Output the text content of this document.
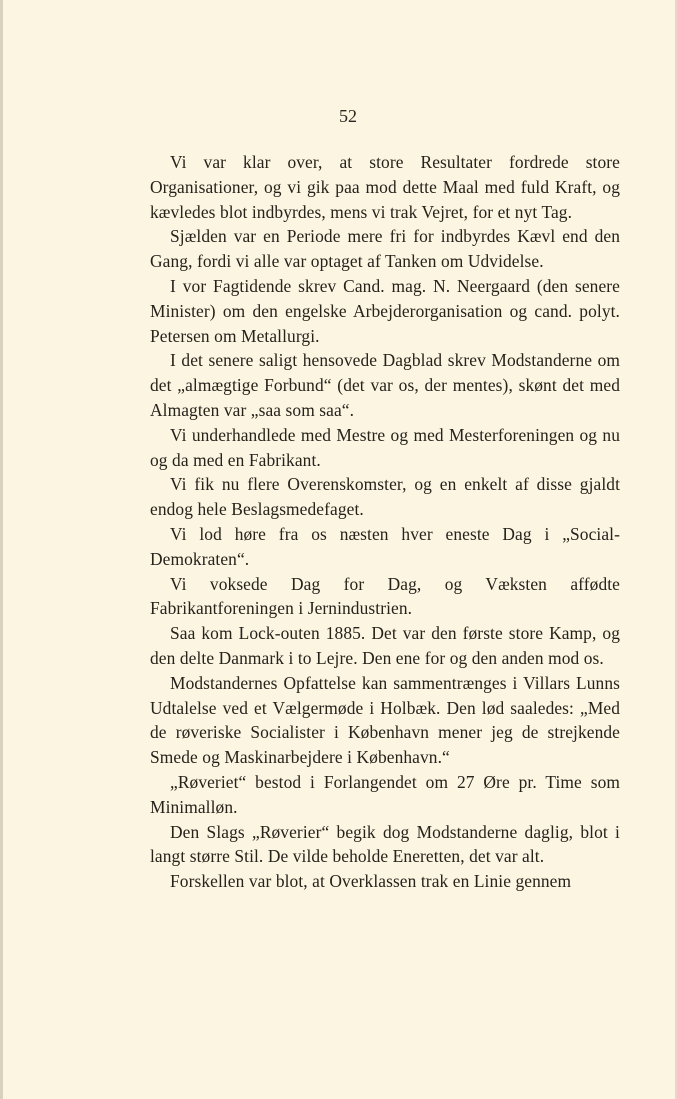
52

Vi var klar over, at store Resultater fordrede store Organisationer, og vi gik paa mod dette Maal med fuld Kraft, og kævledes blot indbyrdes, mens vi trak Vejret, for et nyt Tag.

Sjælden var en Periode mere fri for indbyrdes Kævl end den Gang, fordi vi alle var optaget af Tanken om Udvidelse.

I vor Fagtidende skrev Cand. mag. N. Neergaard (den senere Minister) om den engelske Arbejderorganisation og cand. polyt. Petersen om Metallurgi.

I det senere saligt hensovede Dagblad skrev Modstanderne om det „almægtige Forbund“ (det var os, der mentes), skønt det med Almagten var „saa som saa“.

Vi underhandlede med Mestre og med Mesterforeningen og nu og da med en Fabrikant.

Vi fik nu flere Overenskomster, og en enkelt af disse gjaldt endog hele Beslagsmedefaget.

Vi lod høre fra os næsten hver eneste Dag i „Social-Demokraten“.

Vi voksede Dag for Dag, og Væksten affødte Fabrikantforeningen i Jernindustrien.

Saa kom Lock-outen 1885. Det var den første store Kamp, og den delte Danmark i to Lejre. Den ene for og den anden mod os.

Modstandernes Opfattelse kan sammentrænges i Villars Lunns Udtalelse ved et Vælgermøde i Holbæk. Den lød saaledes: „Med de røveriske Socialister i København mener jeg de strejkende Smede og Maskinarbejdere i København.“

„Røveriet“ bestod i Forlangendet om 27 Øre pr. Time som Minimalløn.

Den Slags „Røverier“ begik dog Modstanderne daglig, blot i langt større Stil. De vilde beholde Eneretten, det var alt.

Forskellen var blot, at Overklassen trak en Linie gennem
